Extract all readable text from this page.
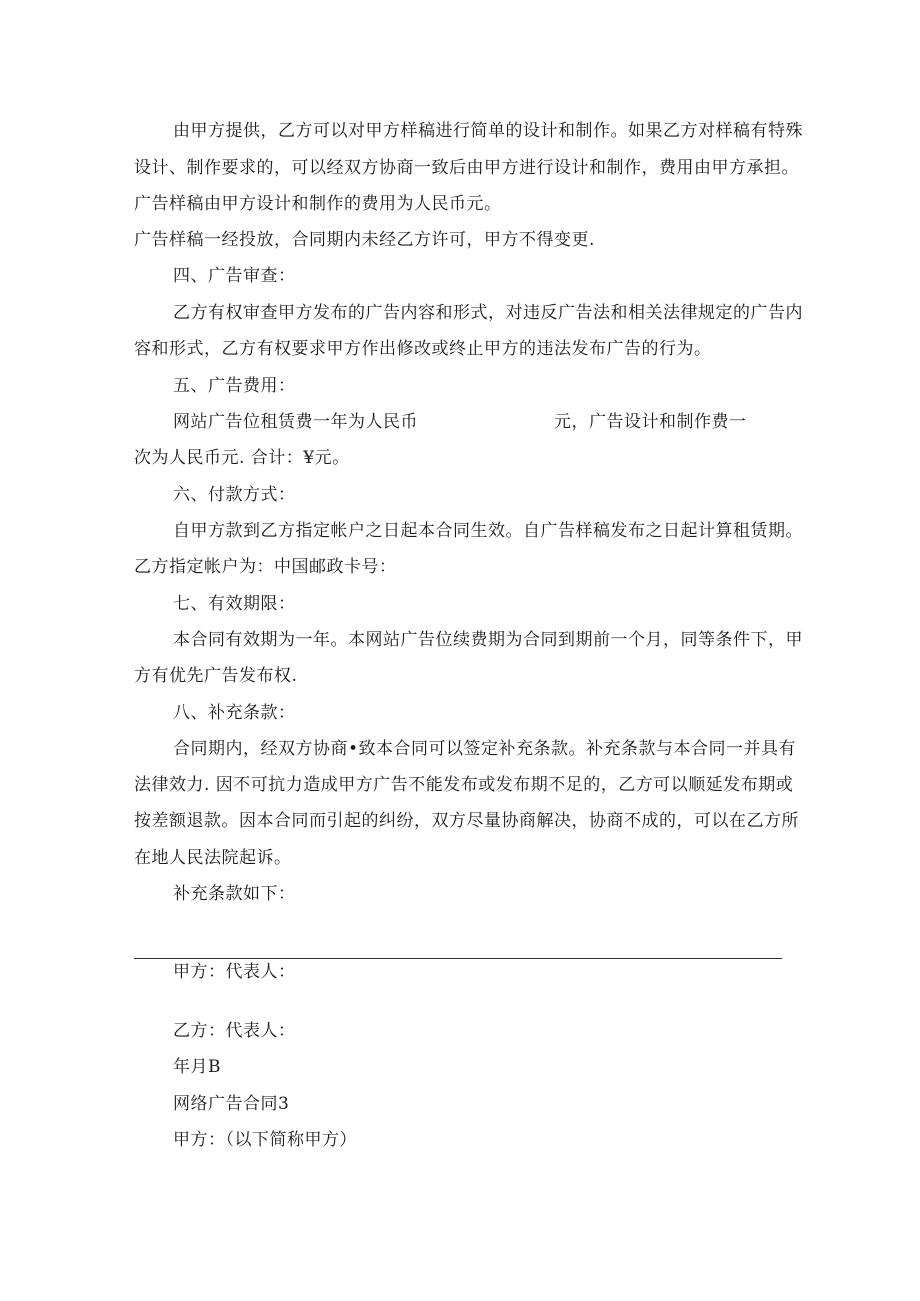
由甲方提供，乙方可以对甲方样稿进行简单的设计和制作。如果乙方对样稿有特殊
设计、制作要求的，可以经双方协商一致后由甲方进行设计和制作，费用由甲方承担。
广告样稿由甲方设计和制作的费用为人民币元。
广告样稿一经投放，合同期内未经乙方许可，甲方不得变更.
四、广告审查：
乙方有权审查甲方发布的广告内容和形式，对违反广告法和相关法律规定的广告内
容和形式，乙方有权要求甲方作出修改或终止甲方的违法发布广告的行为。
五、广告费用：
网站广告位租赁费一年为人民币	元，广告设计和制作费一
次为人民币元. 合计：¥元。
六、付款方式：
自甲方款到乙方指定帐户之日起本合同生效。自广告样稿发布之日起计算租赁期。
乙方指定帐户为：中国邮政卡号：
七、有效期限：
本合同有效期为一年。本网站广告位续费期为合同到期前一个月，同等条件下，甲
方有优先广告发布权.
八、补充条款：
合同期内，经双方协商•致本合同可以签定补充条款。补充条款与本合同一并具有
法律效力. 因不可抗力造成甲方广告不能发布或发布期不足的，乙方可以顺延发布期或
按差额退款。因本合同而引起的纠纷，双方尽量协商解决，协商不成的，可以在乙方所
在地人民法院起诉。
补充条款如下：
甲方：代表人：
乙方：代表人：
年月B
网络广告合同3
甲方：（以下简称甲方）
